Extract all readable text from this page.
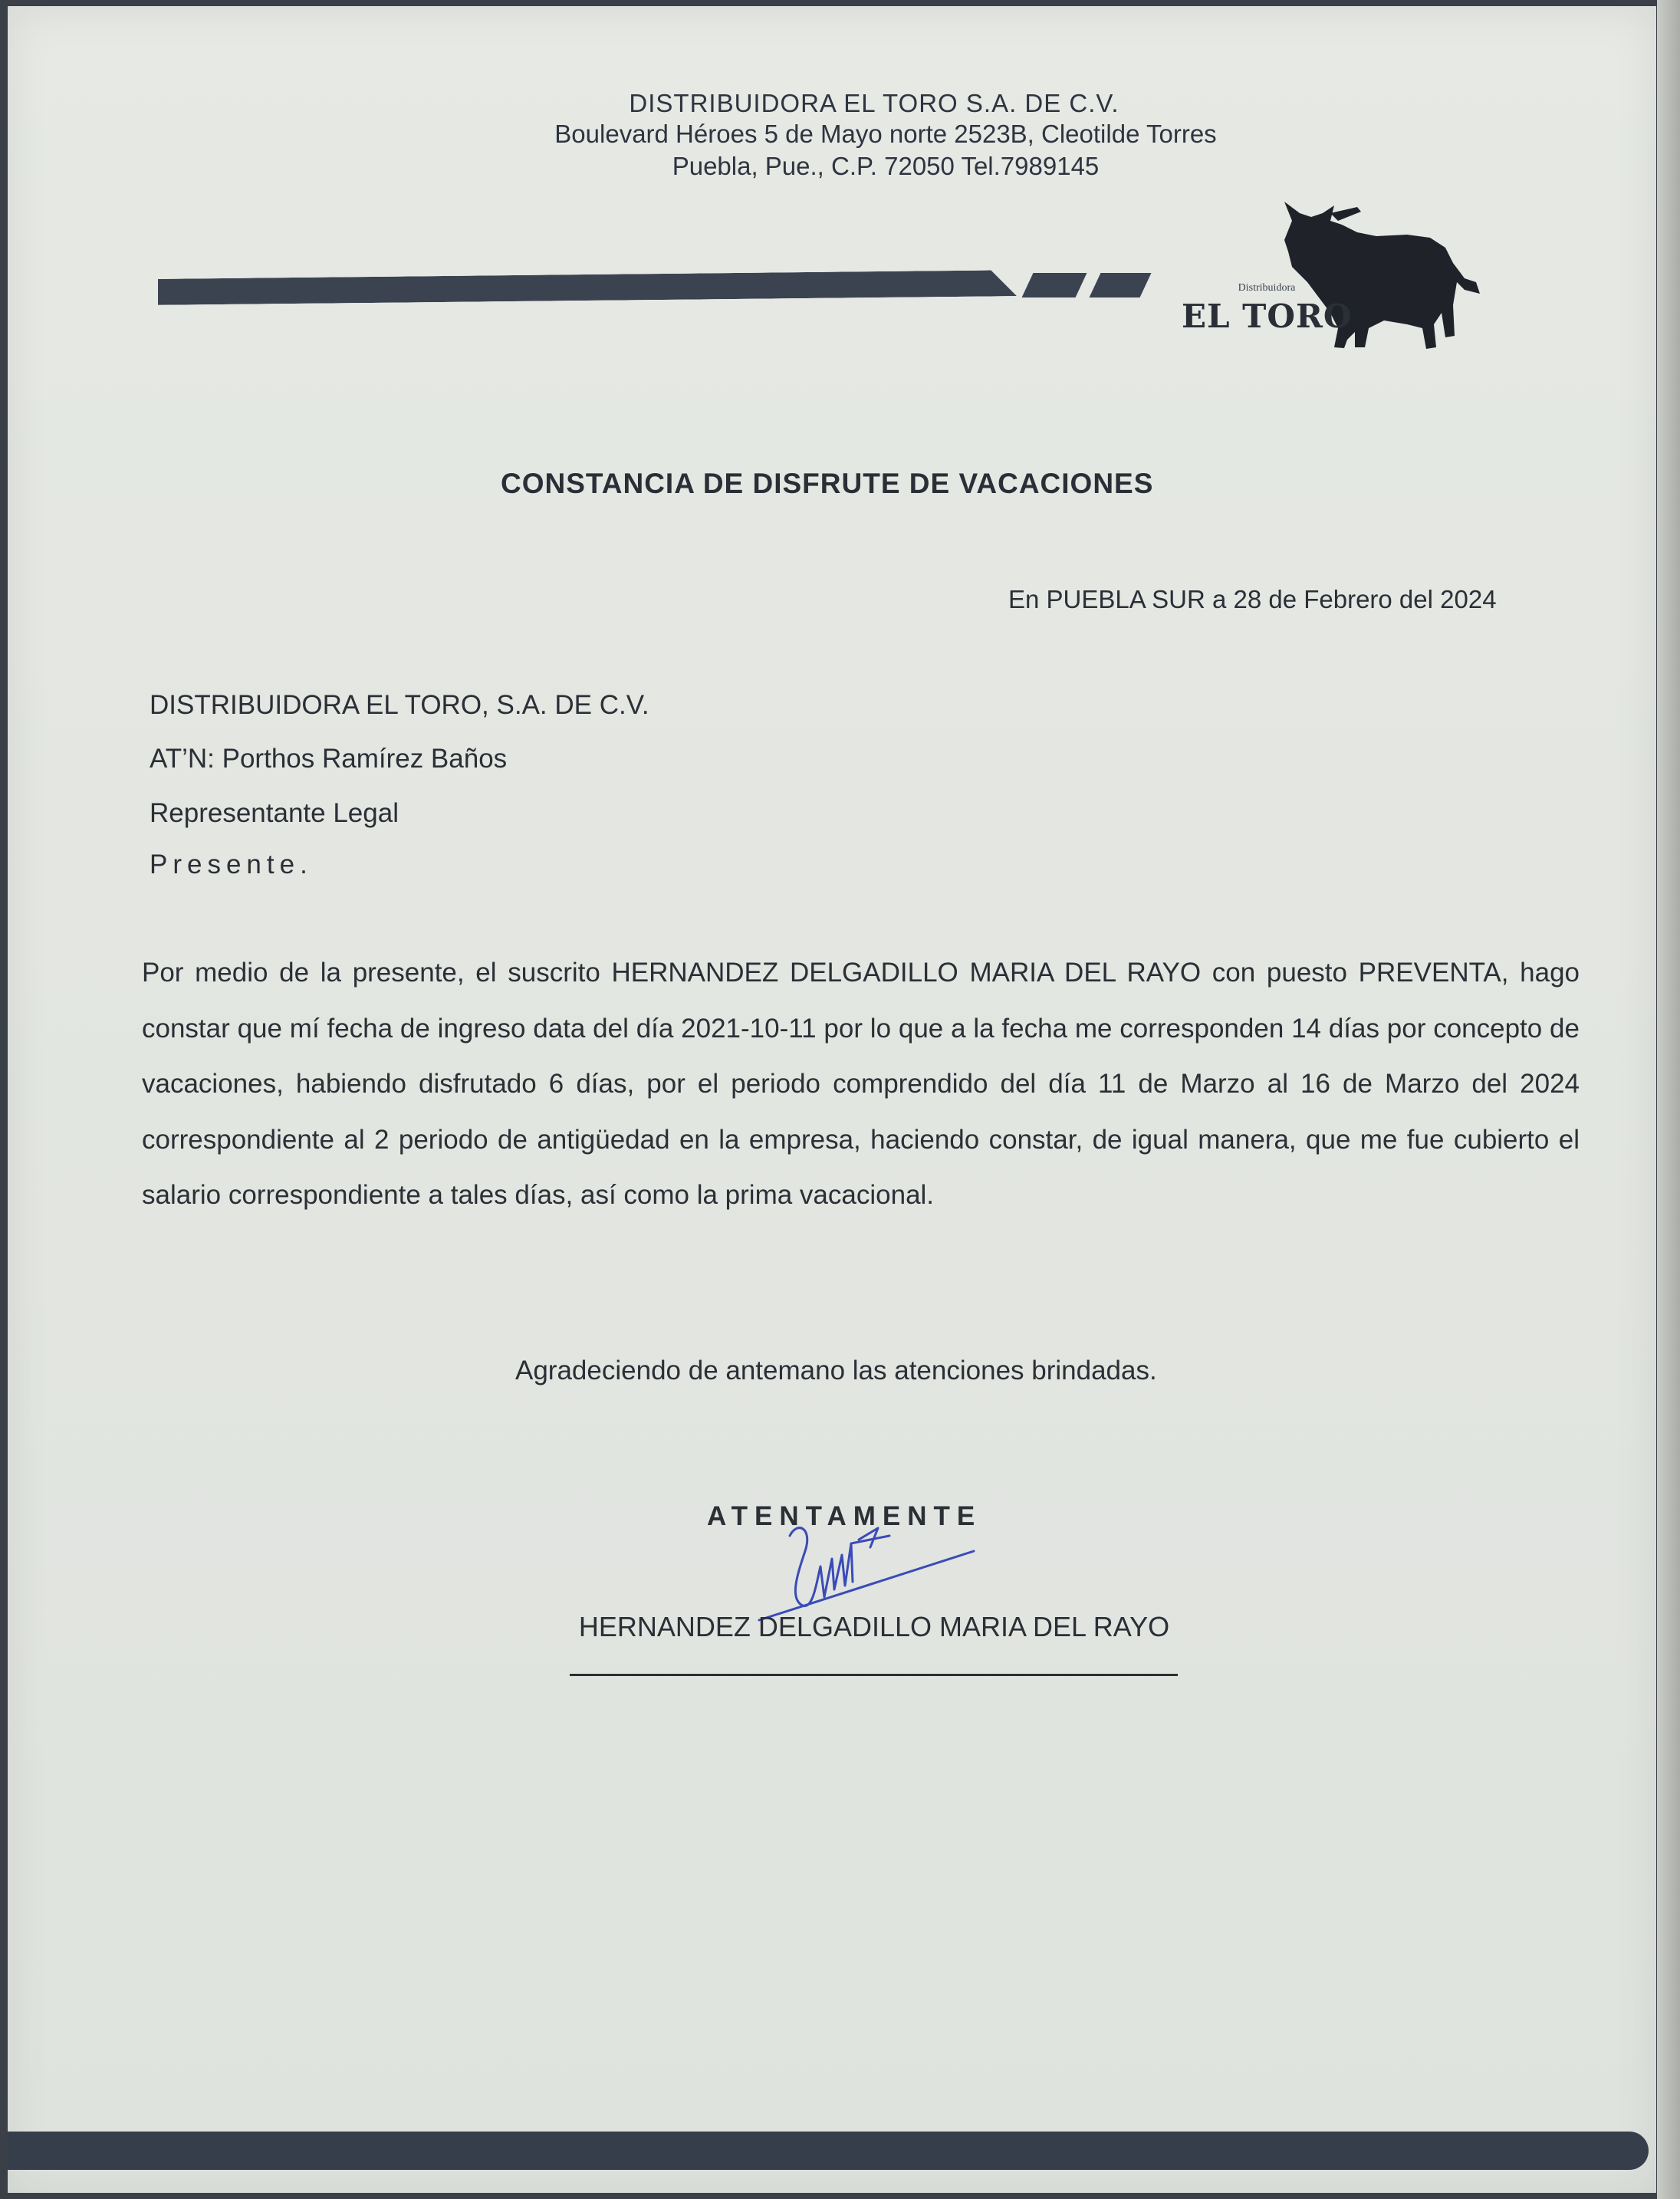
DISTRIBUIDORA EL TORO S.A. DE C.V.
Boulevard Héroes 5 de Mayo norte 2523B, Cleotilde Torres
Puebla, Pue., C.P. 72050 Tel.7989145
Distribuidora
EL TORO
CONSTANCIA DE DISFRUTE DE VACACIONES
En PUEBLA SUR a 28 de Febrero del 2024
DISTRIBUIDORA EL TORO, S.A. DE C.V.
AT’N: Porthos Ramírez Baños
Representante Legal
Presente.
Por medio de la presente, el suscrito HERNANDEZ DELGADILLO MARIA DEL RAYO con puesto PREVENTA, hago constar que mí fecha de ingreso data del día 2021-10-11 por lo que a la fecha me corresponden 14 días por concepto de vacaciones, habiendo disfrutado 6 días, por el periodo comprendido del día 11 de Marzo al 16 de Marzo del 2024 correspondiente al 2 periodo de antigüedad en la empresa, haciendo constar, de igual manera, que me fue cubierto el salario correspondiente a tales días, así como la prima vacacional.
Agradeciendo de antemano las atenciones brindadas.
ATENTAMENTE
HERNANDEZ DELGADILLO MARIA DEL RAYO
